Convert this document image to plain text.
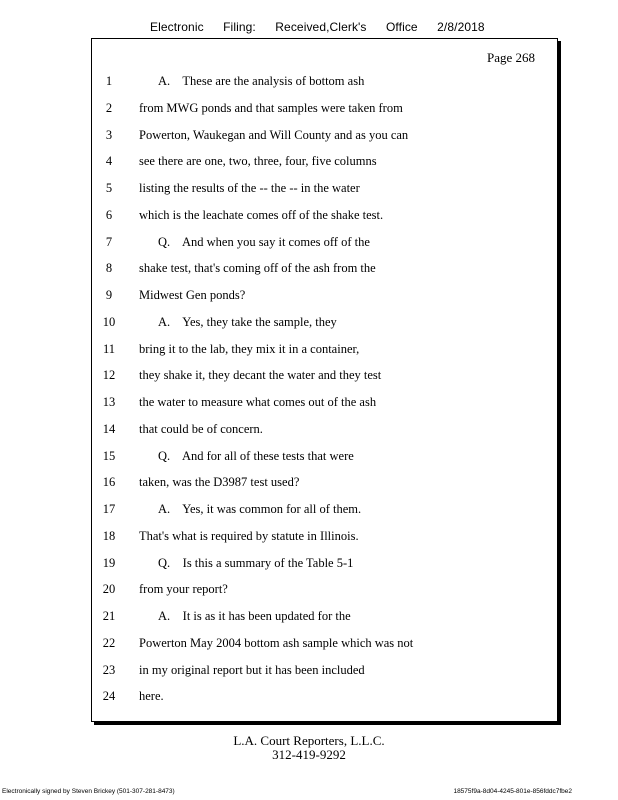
Electronic Filing: Received,Clerk's Office 2/8/2018
Page 268
1	A.    These are the analysis of bottom ash
2	from MWG ponds and that samples were taken from
3	Powerton, Waukegan and Will County and as you can
4	see there are one, two, three, four, five columns
5	listing the results of the -- the -- in the water
6	which is the leachate comes off of the shake test.
7	Q.    And when you say it comes off of the
8	shake test, that's coming off of the ash from the
9	Midwest Gen ponds?
10	A.    Yes, they take the sample, they
11	bring it to the lab, they mix it in a container,
12	they shake it, they decant the water and they test
13	the water to measure what comes out of the ash
14	that could be of concern.
15	Q.    And for all of these tests that were
16	taken, was the D3987 test used?
17	A.    Yes, it was common for all of them.
18	That's what is required by statute in Illinois.
19	Q.    Is this a summary of the Table 5-1
20	from your report?
21	A.    It is as it has been updated for the
22	Powerton May 2004 bottom ash sample which was not
23	in my original report but it has been included
24	here.
L.A. Court Reporters, L.L.C.
312-419-9292
Electronically signed by Steven Brickey (501-307-281-8473)	18575f9a-8d04-4245-801e-856fddc7fbe2
